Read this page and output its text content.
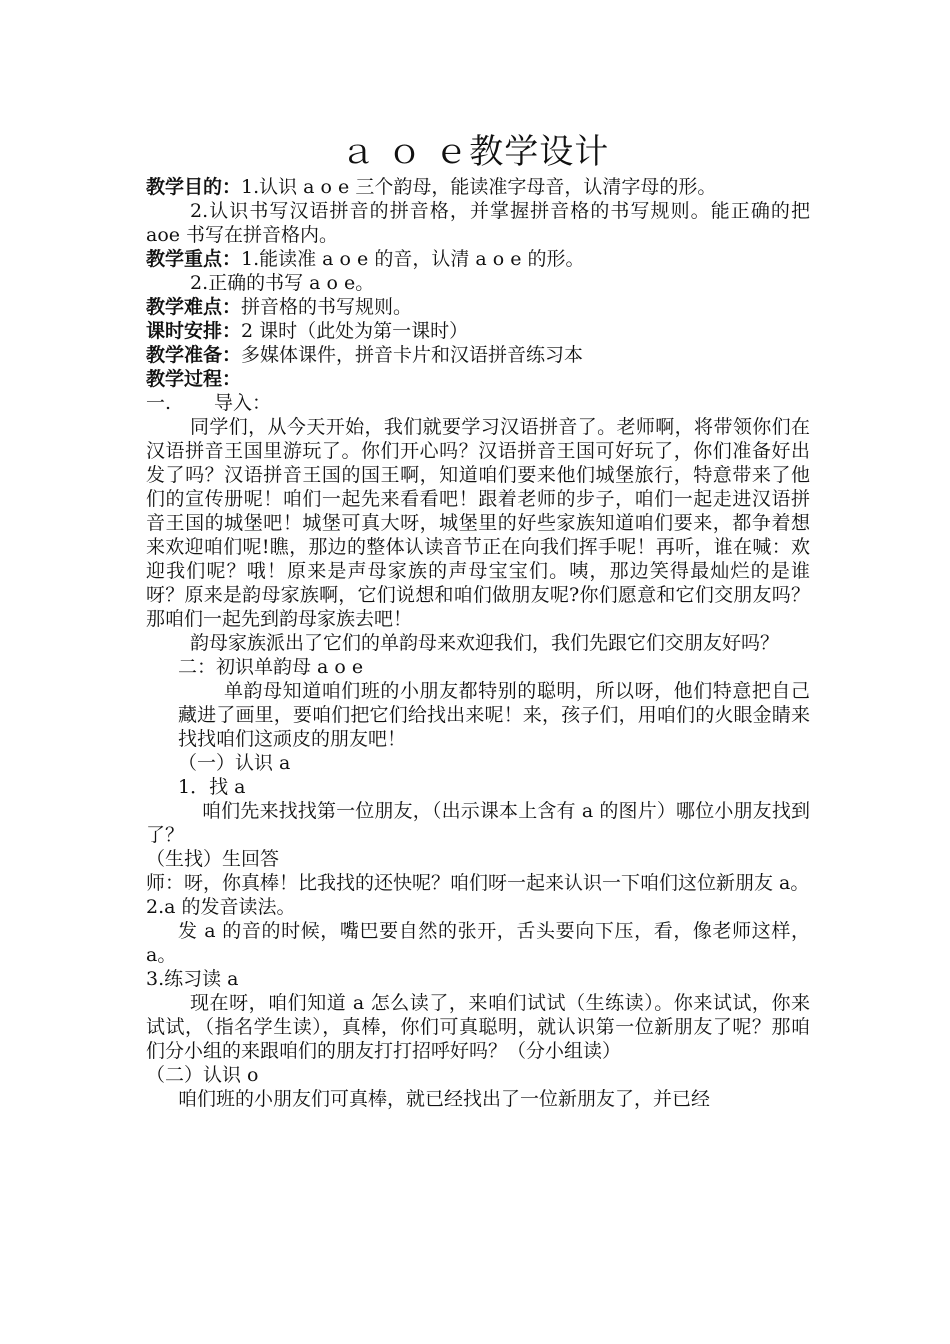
ａ ｏ ｅ教学设计

教学目的：1.认识 a o e 三个韵母，能读准字母音，认清字母的形。

2.认识书写汉语拼音的拼音格，并掌握拼音格的书写规则。能正确的把 aoe 书写在拼音格内。

教学重点：1.能读准 a o e 的音，认清 a o e 的形。

2.正确的书写 a o e。

教学难点：拼音格的书写规则。

课时安排：2 课时（此处为第一课时）

教学准备：多媒体课件，拼音卡片和汉语拼音练习本

教学过程：

一. 导入：

同学们，从今天开始，我们就要学习汉语拼音了。老师啊，将带领你们在汉语拼音王国里游玩了。你们开心吗？汉语拼音王国可好玩了，你们准备好出发了吗？汉语拼音王国的国王啊，知道咱们要来他们城堡旅行，特意带来了他们的宣传册呢！咱们一起先来看看吧！跟着老师的步子，咱们一起走进汉语拼音王国的城堡吧！城堡可真大呀，城堡里的好些家族知道咱们要来，都争着想来欢迎咱们呢!瞧，那边的整体认读音节正在向我们挥手呢！再听，谁在喊：欢迎我们呢？哦！原来是声母家族的声母宝宝们。咦，那边笑得最灿烂的是谁呀？原来是韵母家族啊，它们说想和咱们做朋友呢?你们愿意和它们交朋友吗？那咱们一起先到韵母家族去吧！

韵母家族派出了它们的单韵母来欢迎我们，我们先跟它们交朋友好吗？

二：初识单韵母 a o e

单韵母知道咱们班的小朋友都特别的聪明，所以呀，他们特意把自己藏进了画里，要咱们把它们给找出来呢！来，孩子们，用咱们的火眼金睛来找找咱们这顽皮的朋友吧！

（一）认识 a

1．找 a

咱们先来找找第一位朋友，（出示课本上含有 a 的图片）哪位小朋友找到了？

（生找）生回答

师：呀，你真棒！比我找的还快呢？咱们呀一起来认识一下咱们这位新朋友 a。

2.a 的发音读法。

发 a 的音的时候，嘴巴要自然的张开，舌头要向下压，看，像老师这样，a。

3.练习读 a

现在呀，咱们知道 a 怎么读了，来咱们试试（生练读）。你来试试，你来试试，（指名学生读），真棒，你们可真聪明，就认识第一位新朋友了呢？那咱们分小组的来跟咱们的朋友打打招呼好吗？（分小组读）

（二）认识 o

咱们班的小朋友们可真棒，就已经找出了一位新朋友了，并已经
